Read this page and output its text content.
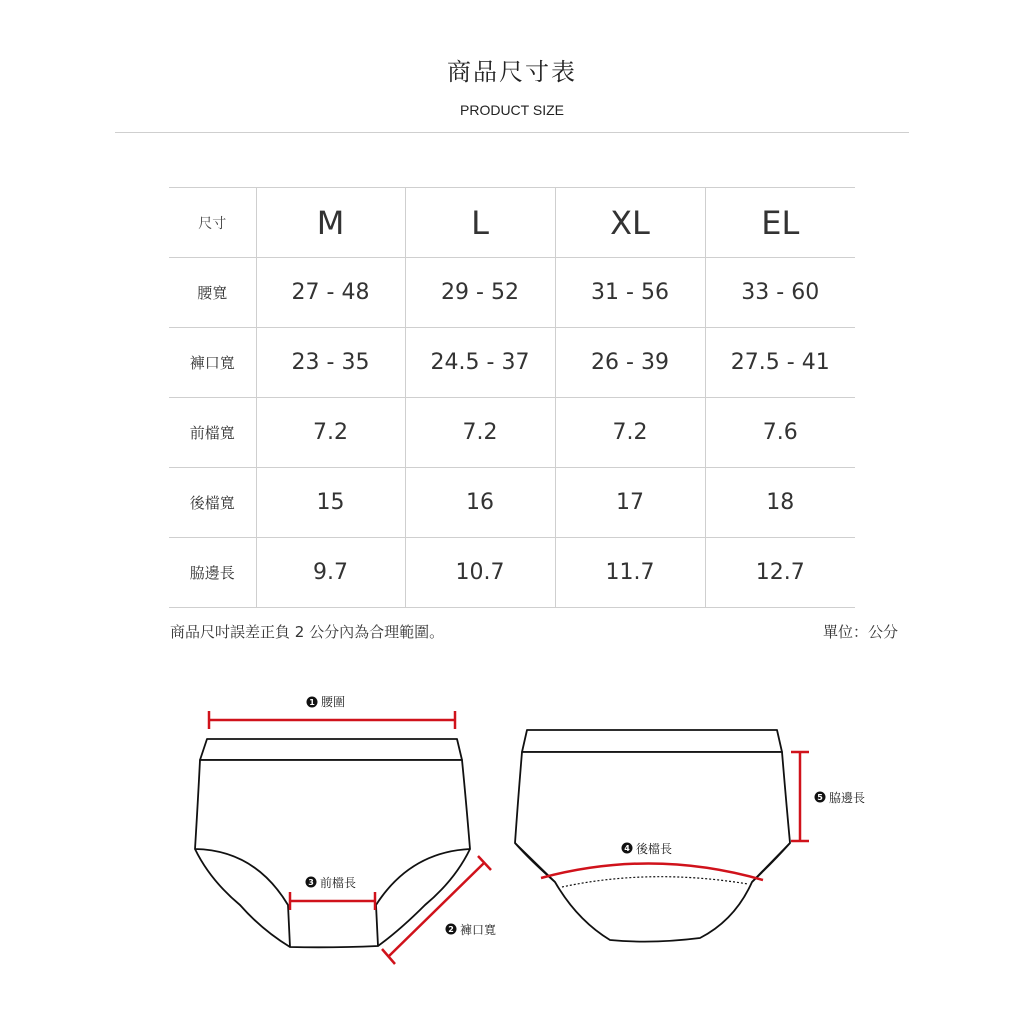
商品尺寸表
PRODUCT SIZE
尺寸	M	L	XL	EL
腰寬	27 - 48	29 - 52	31 - 56	33 - 60
褲口寬	23 - 35	24.5 - 37	26 - 39	27.5 - 41
前檔寬	7.2	7.2	7.2	7.6
後檔寬	15	16	17	18
脇邊長	9.7	10.7	11.7	12.7
商品尺吋誤差正負 2 公分內為合理範圍。	單位：公分
1 腰圍
3 前檔長
2 褲口寬
4 後檔長
5 脇邊長
